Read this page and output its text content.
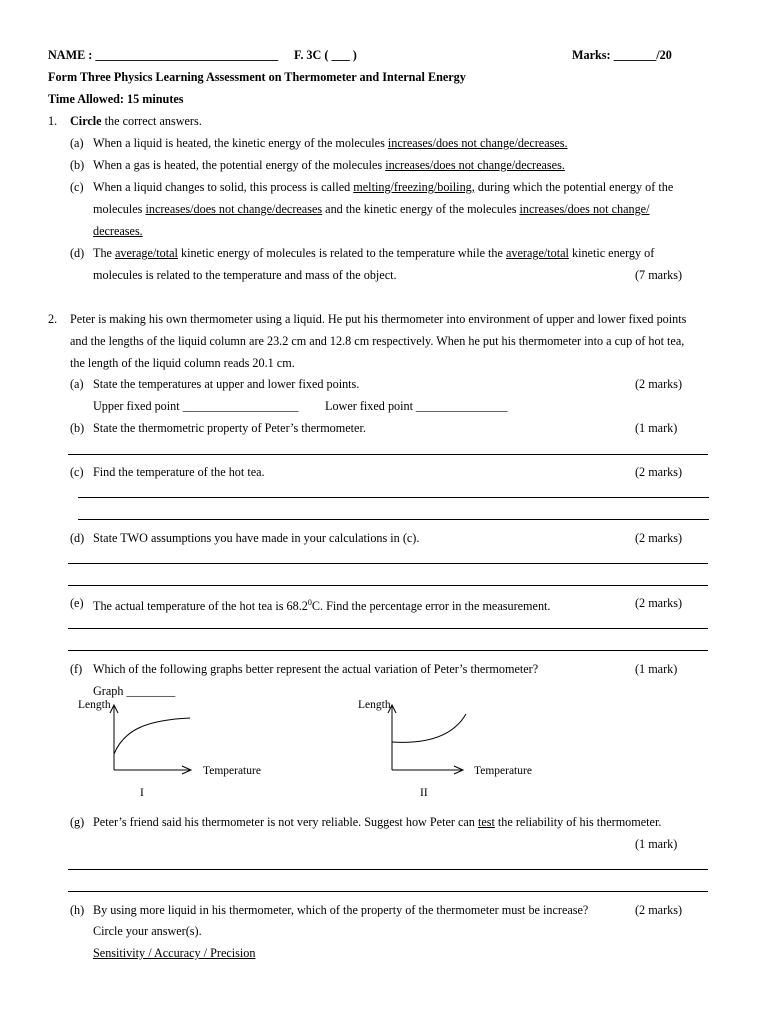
NAME : ______________________________ F. 3C ( ___ )	Marks: _______/20
Form Three Physics Learning Assessment on Thermometer and Internal Energy
Time Allowed: 15 minutes
1. Circle the correct answers.
(a) When a liquid is heated, the kinetic energy of the molecules increases/does not change/decreases.
(b) When a gas is heated, the potential energy of the molecules increases/does not change/decreases.
(c) When a liquid changes to solid, this process is called melting/freezing/boiling, during which the potential energy of the
molecules increases/does not change/decreases and the kinetic energy of the molecules increases/does not change/
decreases.
(d) The average/total kinetic energy of molecules is related to the temperature while the average/total kinetic energy of
molecules is related to the temperature and mass of the object.	(7 marks)
2. Peter is making his own thermometer using a liquid. He put his thermometer into environment of upper and lower fixed points
and the lengths of the liquid column are 23.2 cm and 12.8 cm respectively. When he put his thermometer into a cup of hot tea,
the length of the liquid column reads 20.1 cm.
(a) State the temperatures at upper and lower fixed points.	(2 marks)
Upper fixed point ___________________ Lower fixed point _______________
(b) State the thermometric property of Peter’s thermometer.	(1 mark)
(c) Find the temperature of the hot tea.	(2 marks)
(d) State TWO assumptions you have made in your calculations in (c).	(2 marks)
(e) The actual temperature of the hot tea is 68.2$^0$C. Find the percentage error in the measurement.	(2 marks)
(f) Which of the following graphs better represent the actual variation of Peter’s thermometer?	(1 mark)
Graph ________
Length
Temperature
I
Length
Temperature
II
(g) Peter’s friend said his thermometer is not very reliable. Suggest how Peter can test the reliability of his thermometer.
(1 mark)
(h) By using more liquid in his thermometer, which of the property of the thermometer must be increase?	(2 marks)
Circle your answer(s).
Sensitivity / Accuracy / Precision
